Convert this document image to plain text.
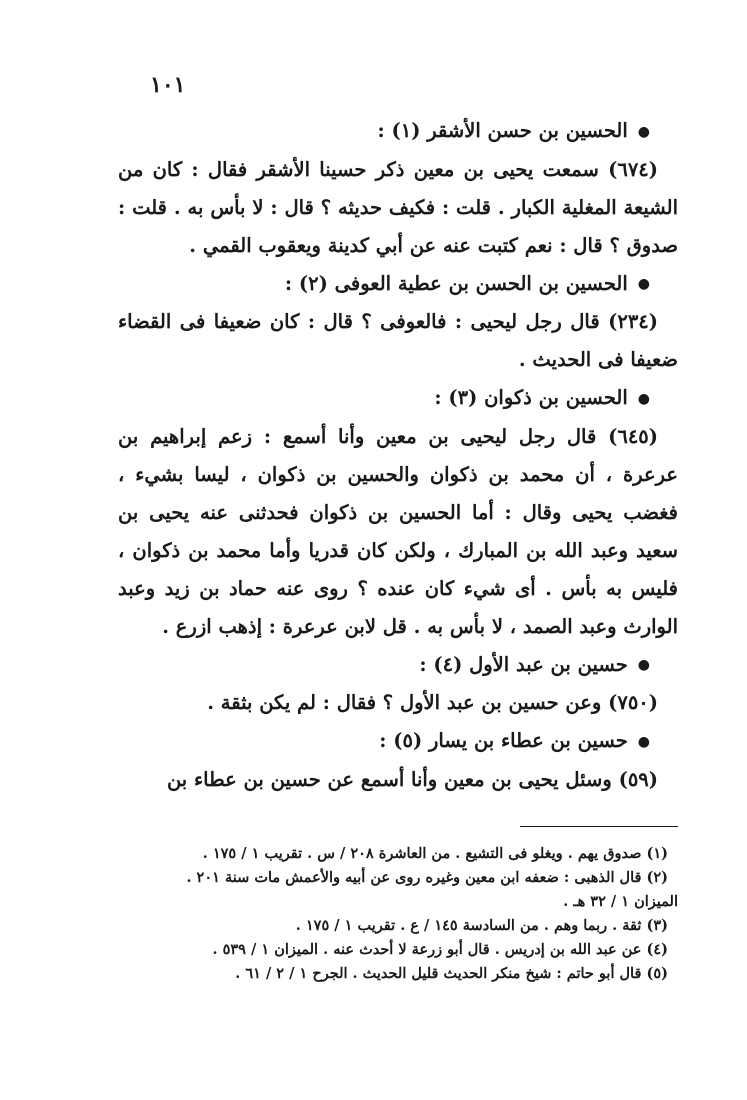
١٠١
●الحسين بن حسن الأشقر (١) :

(٦٧٤) سمعت يحيى بن معين ذكر حسينا الأشقر فقال : كان من الشيعة المغلية الكبار . قلت : فكيف حديثه ؟ قال : لا بأس به . قلت : صدوق ؟ قال : نعم كتبت عنه عن أبي كدينة ويعقوب القمي .

●الحسين بن الحسن بن عطية العوفى (٢) :

(٢٣٤) قال رجل ليحيى : فالعوفى ؟ قال : كان ضعيفا فى القضاء ضعيفا فى الحديث .

●الحسين بن ذكوان (٣) :

(٦٤٥) قال رجل ليحيى بن معين وأنا أسمع : زعم إبراهيم بن عرعرة ، أن محمد بن ذكوان والحسين بن ذكوان ، ليسا بشيء ، فغضب يحيى وقال : أما الحسين بن ذكوان فحدثنى عنه يحيى بن سعيد وعبد الله بن المبارك ، ولكن كان قدريا وأما محمد بن ذكوان ، فليس به بأس . أى شيء كان عنده ؟ روى عنه حماد بن زيد وعبد الوارث وعبد الصمد ، لا بأس به . قل لابن عرعرة : إذهب ازرع .

●حسين بن عبد الأول (٤) :

(٧٥٠) وعن حسين بن عبد الأول ؟ فقال : لم يكن بثقة .

●حسين بن عطاء بن يسار (٥) :

(٥٩) وسئل يحيى بن معين وأنا أسمع عن حسين بن عطاء بن

(١) صدوق يهم . ويغلو فى التشيع . من العاشرة ٢٠٨ / س . تقريب ١ / ١٧٥ .
(٢) قال الذهبى : ضعفه ابن معين وغيره روى عن أبيه والأعمش مات سنة ٢٠١ .
الميزان ١ / ٣٢ هـ .
(٣) ثقة . ربما وهم . من السادسة ١٤٥ / ع . تقريب ١ / ١٧٥ .
(٤) عن عبد الله بن إدريس . قال أبو زرعة لا أحدث عنه . الميزان ١ / ٥٣٩ .
(٥) قال أبو حاتم : شيخ منكر الحديث قليل الحديث . الجرح ١ / ٢ / ٦١ .
